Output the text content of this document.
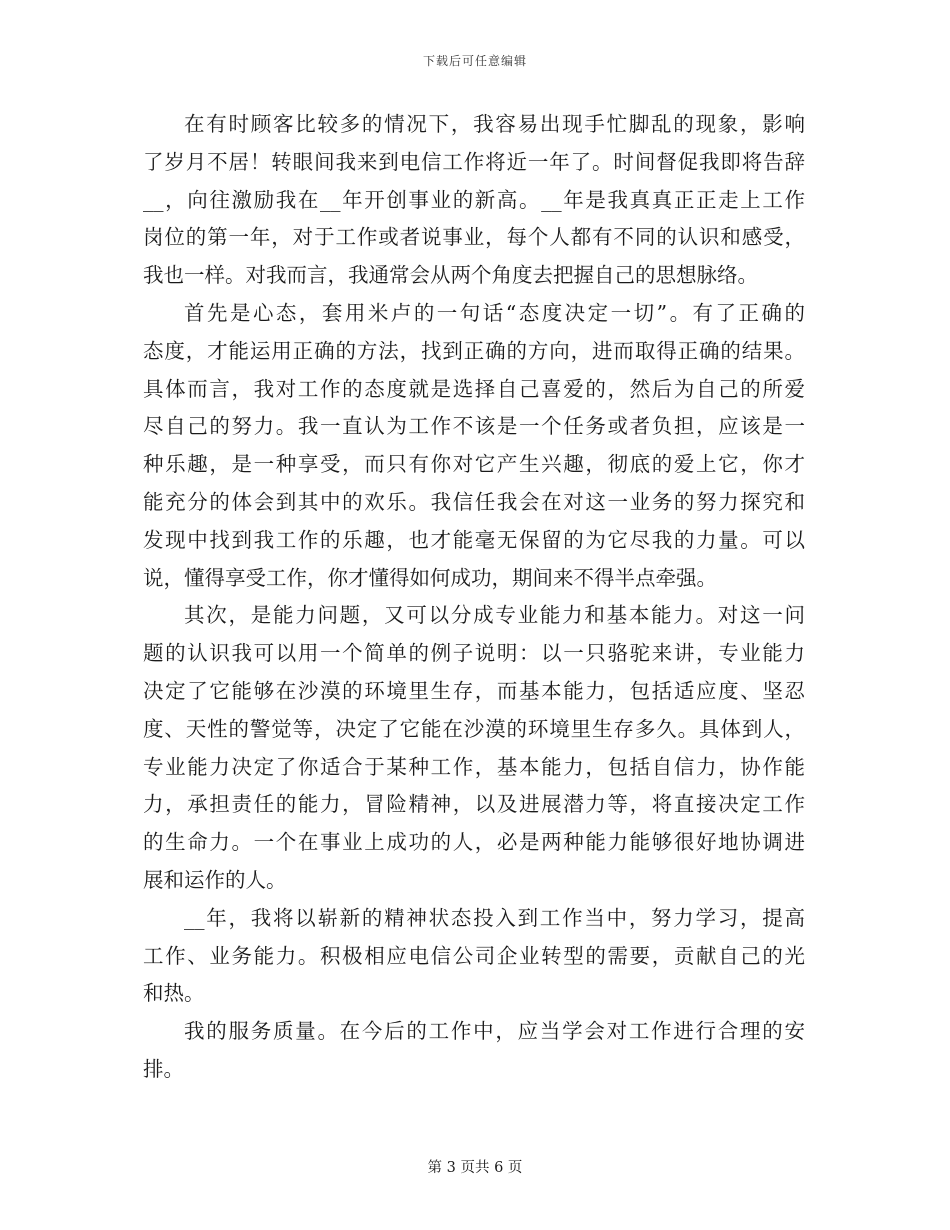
下载后可任意编辑
在有时顾客比较多的情况下，我容易出现手忙脚乱的现象，影响
了岁月不居！转眼间我来到电信工作将近一年了。时间督促我即将告辞
__，向往激励我在__年开创事业的新高。__年是我真真正正走上工作
岗位的第一年，对于工作或者说事业，每个人都有不同的认识和感受，
我也一样。对我而言，我通常会从两个角度去把握自己的思想脉络。
首先是心态，套用米卢的一句话“态度决定一切”。有了正确的
态度，才能运用正确的方法，找到正确的方向，进而取得正确的结果。
具体而言，我对工作的态度就是选择自己喜爱的，然后为自己的所爱
尽自己的努力。我一直认为工作不该是一个任务或者负担，应该是一
种乐趣，是一种享受，而只有你对它产生兴趣，彻底的爱上它，你才
能充分的体会到其中的欢乐。我信任我会在对这一业务的努力探究和
发现中找到我工作的乐趣，也才能毫无保留的为它尽我的力量。可以
说，懂得享受工作，你才懂得如何成功，期间来不得半点牵强。
其次，是能力问题，又可以分成专业能力和基本能力。对这一问
题的认识我可以用一个简单的例子说明：以一只骆驼来讲，专业能力
决定了它能够在沙漠的环境里生存，而基本能力，包括适应度、坚忍
度、天性的警觉等，决定了它能在沙漠的环境里生存多久。具体到人，
专业能力决定了你适合于某种工作，基本能力，包括自信力，协作能
力，承担责任的能力，冒险精神，以及进展潜力等，将直接决定工作
的生命力。一个在事业上成功的人，必是两种能力能够很好地协调进
展和运作的人。
__年，我将以崭新的精神状态投入到工作当中，努力学习，提高
工作、业务能力。积极相应电信公司企业转型的需要，贡献自己的光
和热。
我的服务质量。在今后的工作中，应当学会对工作进行合理的安
排。
第 3 页共 6 页
